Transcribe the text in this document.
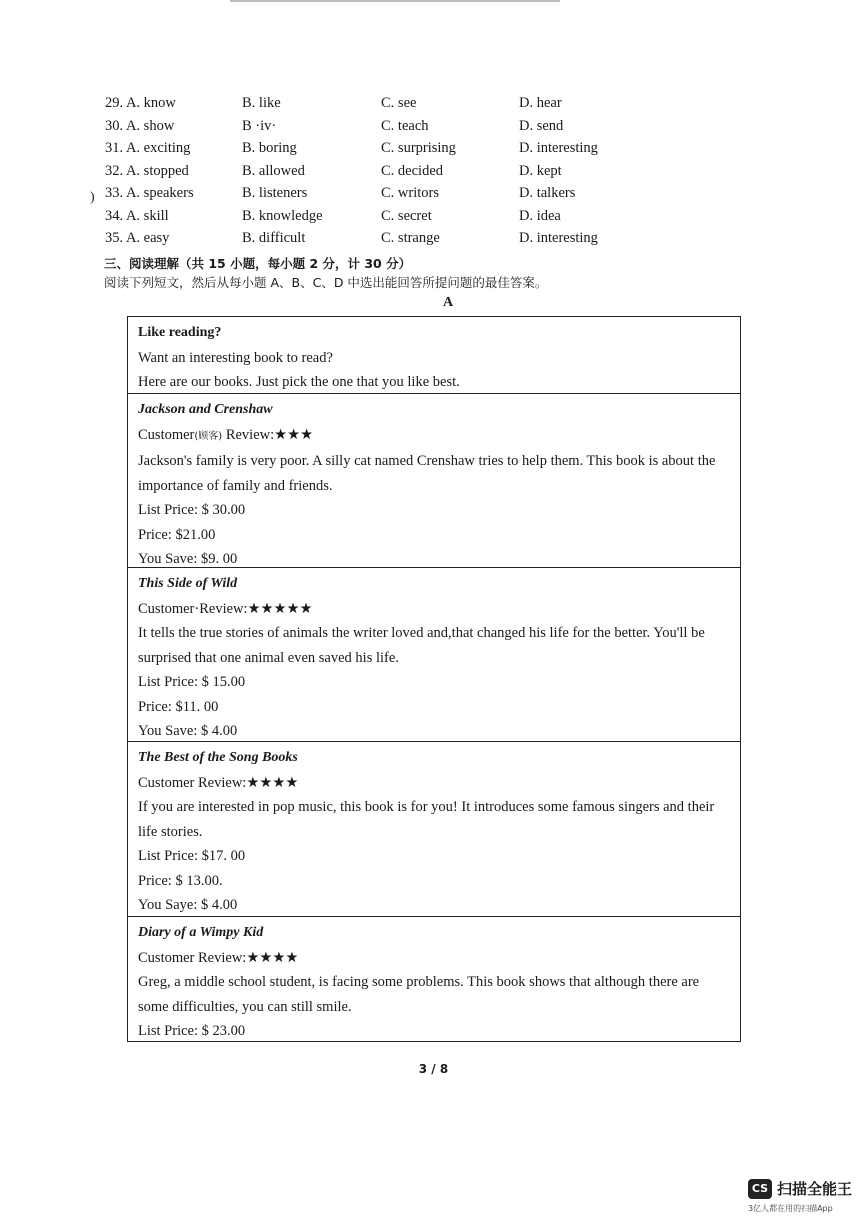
29. A. know	B. like	C. see	D. hear
30. A. show	B ·iv·	C. teach	D. send
31. A. exciting	B. boring	C. surprising	D. interesting
32. A. stopped	B. allowed	C. decided	D. kept
33. A. speakers	B. listeners	C. writors	D. talkers
34. A. skill	B. knowledge	C. secret	D. idea
35. A. easy	B. difficult	C. strange	D. interesting
)
三、阅读理解（共 15 小题，每小题 2 分，计 30 分）
阅读下列短文，然后从每小题 A、B、C、D 中选出能回答所提问题的最佳答案。
A
Like reading?
Want an interesting book to read?
Here are our books. Just pick the one that you like best.
Jackson and Crenshaw
Customer(顾客) Review:★★★
Jackson's family is very poor. A silly cat named Crenshaw tries to help them. This book is about the importance of family and friends.
List Price: $ 30.00
Price: $21.00
You Save: $9. 00
This Side of Wild
Customer·Review:★★★★★
It tells the true stories of animals the writer loved and,that changed his life for the better. You'll be surprised that one animal even saved his life.
List Price: $ 15.00
Price: $11. 00
You Save: $ 4.00
The Best of the Song Books
Customer Review:★★★★
If you are interested in pop music, this book is for you! It introduces some famous singers and their life stories.
List Price: $17. 00
Price: $ 13.00.
You Saye: $ 4.00
Diary of a Wimpy Kid
Customer Review:★★★★
Greg, a middle school student, is facing some problems. This book shows that although there are some difficulties, you can still smile.
List Price: $ 23.00
3 / 8
CS 扫描全能王
3亿人都在用的扫描App
